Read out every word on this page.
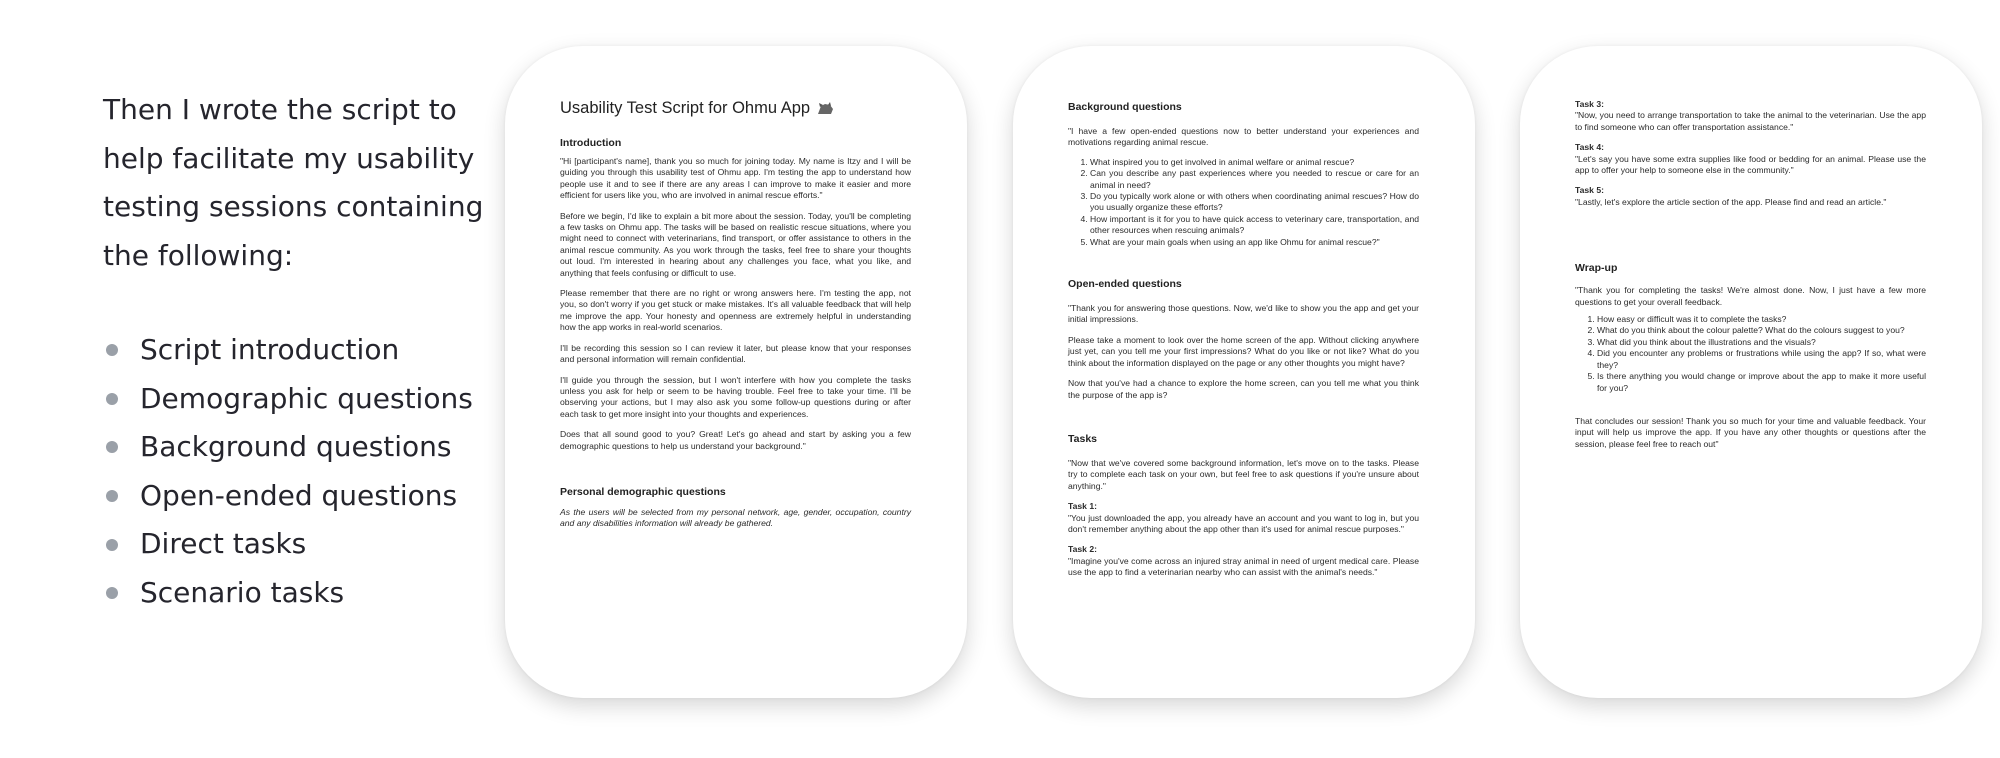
Then I wrote the script to help facilitate my usability testing sessions containing the following:
Script introduction
Demographic questions
Background questions
Open-ended questions
Direct tasks
Scenario tasks
Usability Test Script for Ohmu App
Introduction

"Hi [participant's name], thank you so much for joining today. My name is Itzy and I will be guiding you through this usability test of Ohmu app. I'm testing the app to understand how people use it and to see if there are any areas I can improve to make it easier and more efficient for users like you, who are involved in animal rescue efforts."

Before we begin, I'd like to explain a bit more about the session. Today, you'll be completing a few tasks on Ohmu app. The tasks will be based on realistic rescue situations, where you might need to connect with veterinarians, find transport, or offer assistance to others in the animal rescue community. As you work through the tasks, feel free to share your thoughts out loud. I'm interested in hearing about any challenges you face, what you like, and anything that feels confusing or difficult to use.

Please remember that there are no right or wrong answers here. I'm testing the app, not you, so don't worry if you get stuck or make mistakes. It's all valuable feedback that will help me improve the app. Your honesty and openness are extremely helpful in understanding how the app works in real-world scenarios.

I'll be recording this session so I can review it later, but please know that your responses and personal information will remain confidential.

I'll guide you through the session, but I won't interfere with how you complete the tasks unless you ask for help or seem to be having trouble. Feel free to take your time. I'll be observing your actions, but I may also ask you some follow-up questions during or after each task to get more insight into your thoughts and experiences.

Does that all sound good to you? Great! Let's go ahead and start by asking you a few demographic questions to help us understand your background."

Personal demographic questions

As the users will be selected from my personal network, age, gender, occupation, country and any disabilities information will already be gathered.

Background questions

"I have a few open-ended questions now to better understand your experiences and motivations regarding animal rescue.

1. What inspired you to get involved in animal welfare or animal rescue?
2. Can you describe any past experiences where you needed to rescue or care for an animal in need?
3. Do you typically work alone or with others when coordinating animal rescues? How do you usually organize these efforts?
4. How important is it for you to have quick access to veterinary care, transportation, and other resources when rescuing animals?
5. What are your main goals when using an app like Ohmu for animal rescue?"
Open-ended questions

"Thank you for answering those questions. Now, we'd like to show you the app and get your initial impressions.

Please take a moment to look over the home screen of the app. Without clicking anywhere just yet, can you tell me your first impressions? What do you like or not like? What do you think about the information displayed on the page or any other thoughts you might have?

Now that you've had a chance to explore the home screen, can you tell me what you think the purpose of the app is?

Tasks

"Now that we've covered some background information, let's move on to the tasks. Please try to complete each task on your own, but feel free to ask questions if you're unsure about anything."

Task 1:

"You just downloaded the app, you already have an account and you want to log in, but you don't remember anything about the app other than it's used for animal rescue purposes."

Task 2:

"Imagine you've come across an injured stray animal in need of urgent medical care. Please use the app to find a veterinarian nearby who can assist with the animal's needs."

Task 3:

"Now, you need to arrange transportation to take the animal to the veterinarian. Use the app to find someone who can offer transportation assistance."

Task 4:

"Let's say you have some extra supplies like food or bedding for an animal. Please use the app to offer your help to someone else in the community."

Task 5:

"Lastly, let's explore the article section of the app. Please find and read an article."

Wrap-up

"Thank you for completing the tasks! We're almost done. Now, I just have a few more questions to get your overall feedback.

1. How easy or difficult was it to complete the tasks?
2. What do you think about the colour palette? What do the colours suggest to you?
3. What did you think about the illustrations and the visuals?
4. Did you encounter any problems or frustrations while using the app? If so, what were they?
5. Is there anything you would change or improve about the app to make it more useful for you?

That concludes our session! Thank you so much for your time and valuable feedback. Your input will help us improve the app. If you have any other thoughts or questions after the session, please feel free to reach out"
